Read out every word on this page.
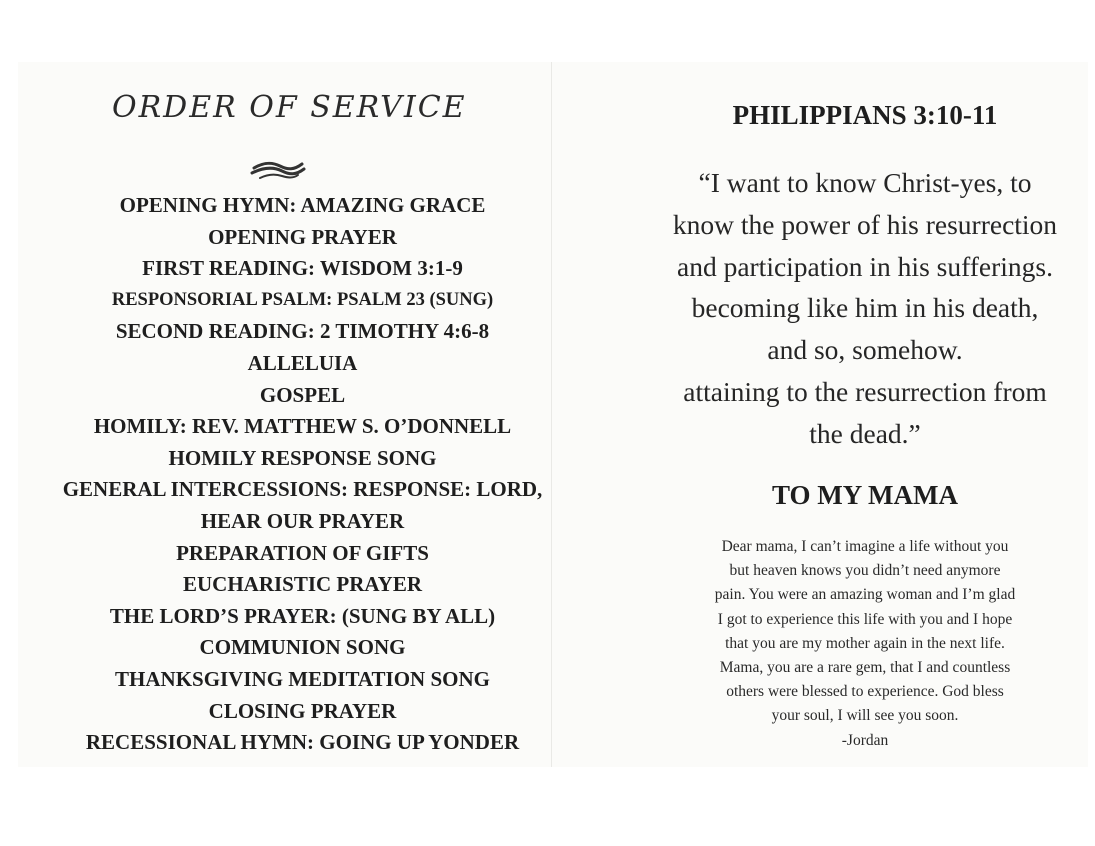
ORDER OF SERVICE
OPENING HYMN: AMAZING GRACE
OPENING PRAYER
FIRST READING: WISDOM 3:1-9
RESPONSORIAL PSALM: PSALM 23 (SUNG)
SECOND READING: 2 TIMOTHY 4:6-8
ALLELUIA
GOSPEL
HOMILY: REV. MATTHEW S. O’DONNELL
HOMILY RESPONSE SONG
GENERAL INTERCESSIONS: RESPONSE: LORD,
HEAR OUR PRAYER
PREPARATION OF GIFTS
EUCHARISTIC PRAYER
THE LORD’S PRAYER: (SUNG BY ALL)
COMMUNION SONG
THANKSGIVING MEDITATION SONG
CLOSING PRAYER
RECESSIONAL HYMN: GOING UP YONDER
PHILIPPIANS 3:10-11
“I want to know Christ-yes, to
know the power of his resurrection
and participation in his sufferings.
becoming like him in his death,
and so, somehow.
attaining to the resurrection from
the dead.”
TO MY MAMA
Dear mama, I can’t imagine a life without you
but heaven knows you didn’t need anymore
pain. You were an amazing woman and I’m glad
I got to experience this life with you and I hope
that you are my mother again in the next life.
Mama, you are a rare gem, that I and countless
others were blessed to experience. God bless
your soul, I will see you soon.
-Jordan
